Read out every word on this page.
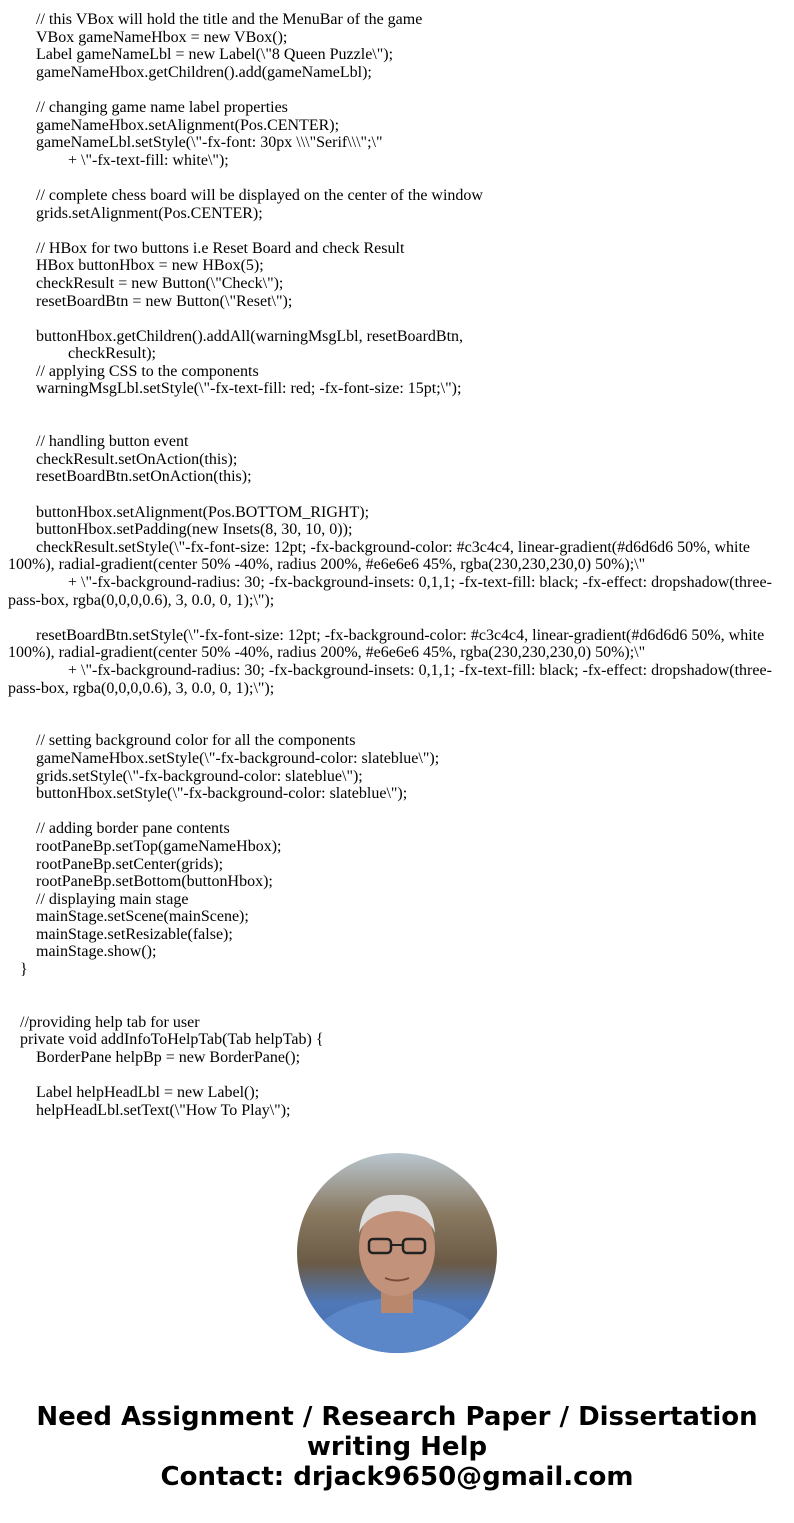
// this VBox will hold the title and the MenuBar of the game
VBox gameNameHbox = new VBox();
Label gameNameLbl = new Label(\"8 Queen Puzzle\");
gameNameHbox.getChildren().add(gameNameLbl);
// changing game name label properties
gameNameHbox.setAlignment(Pos.CENTER);
gameNameLbl.setStyle(\"-fx-font: 30px \\\"Serif\\\";\"
+ \"-fx-text-fill: white\");
// complete chess board will be displayed on the center of the window
grids.setAlignment(Pos.CENTER);
// HBox for two buttons i.e Reset Board and check Result
HBox buttonHbox = new HBox(5);
checkResult = new Button(\"Check\");
resetBoardBtn = new Button(\"Reset\");
buttonHbox.getChildren().addAll(warningMsgLbl, resetBoardBtn,
checkResult);
// applying CSS to the components
warningMsgLbl.setStyle(\"-fx-text-fill: red; -fx-font-size: 15pt;\");
// handling button event
checkResult.setOnAction(this);
resetBoardBtn.setOnAction(this);
buttonHbox.setAlignment(Pos.BOTTOM_RIGHT);
buttonHbox.setPadding(new Insets(8, 30, 10, 0));
checkResult.setStyle(\"-fx-font-size: 12pt; -fx-background-color: #c3c4c4, linear-gradient(#d6d6d6 50%, white
100%), radial-gradient(center 50% -40%, radius 200%, #e6e6e6 45%, rgba(230,230,230,0) 50%);\"
+ \"-fx-background-radius: 30; -fx-background-insets: 0,1,1; -fx-text-fill: black; -fx-effect: dropshadow(three-
pass-box, rgba(0,0,0,0.6), 3, 0.0, 0, 1);\");
resetBoardBtn.setStyle(\"-fx-font-size: 12pt; -fx-background-color: #c3c4c4, linear-gradient(#d6d6d6 50%, white
100%), radial-gradient(center 50% -40%, radius 200%, #e6e6e6 45%, rgba(230,230,230,0) 50%);\"
+ \"-fx-background-radius: 30; -fx-background-insets: 0,1,1; -fx-text-fill: black; -fx-effect: dropshadow(three-
pass-box, rgba(0,0,0,0.6), 3, 0.0, 0, 1);\");
// setting background color for all the components
gameNameHbox.setStyle(\"-fx-background-color: slateblue\");
grids.setStyle(\"-fx-background-color: slateblue\");
buttonHbox.setStyle(\"-fx-background-color: slateblue\");
// adding border pane contents
rootPaneBp.setTop(gameNameHbox);
rootPaneBp.setCenter(grids);
rootPaneBp.setBottom(buttonHbox);
// displaying main stage
mainStage.setScene(mainScene);
mainStage.setResizable(false);
mainStage.show();
}
//providing help tab for user
private void addInfoToHelpTab(Tab helpTab) {
BorderPane helpBp = new BorderPane();
Label helpHeadLbl = new Label();
helpHeadLbl.setText(\"How To Play\");
Need Assignment / Research Paper / Dissertation
writing Help
Contact: drjack9650@gmail.com
